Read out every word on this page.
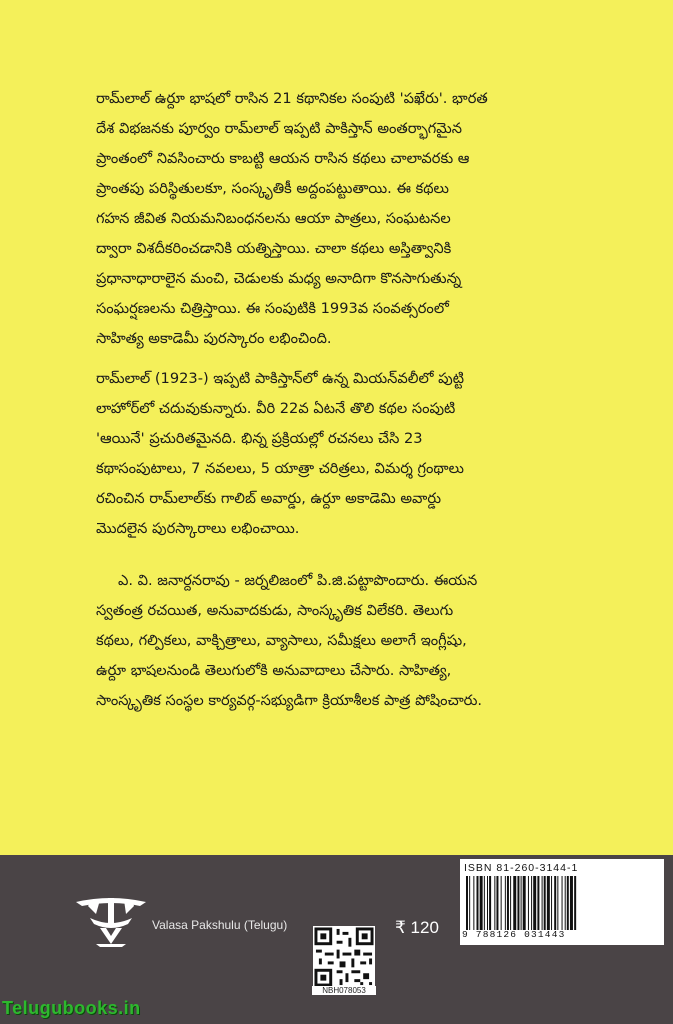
రామ్‌లాల్ ఉర్దూ భాషలో రాసిన 21 కథానికల సంపుటి 'పఖేరు'. భారత

దేశ విభజనకు పూర్వం రామ్‌లాల్ ఇప్పటి పాకిస్తాన్ అంతర్భాగమైన

ప్రాంతంలో నివసించారు కాబట్టి ఆయన రాసిన కథలు చాలావరకు ఆ

ప్రాంతపు పరిస్థితులకూ, సంస్కృతికీ అద్దంపట్టుతాయి. ఈ కథలు

గహన జీవిత నియమనిబంధనలను ఆయా పాత్రలు, సంఘటనల

ద్వారా విశదీకరించడానికి యత్నిస్తాయి. చాలా కథలు అస్తిత్వానికి

ప్రధానాధారాలైన మంచి, చెడులకు మధ్య అనాదిగా కొనసాగుతున్న

సంఘర్షణలను చిత్రిస్తాయి. ఈ సంపుటికి 1993వ సంవత్సరంలో

సాహిత్య అకాడెమీ పురస్కారం లభించింది.

రామ్‌లాల్ (1923-) ఇప్పటి పాకిస్తాన్‌లో ఉన్న మియన్‌వలీలో పుట్టి

లాహోర్‌లో చదువుకున్నారు. వీరి 22వ ఏటనే తొలి కథల సంపుటి

'ఆయినే' ప్రచురితమైనది. భిన్న ప్రక్రియల్లో రచనలు చేసి 23

కథాసంపుటాలు, 7 నవలలు, 5 యాత్రా చరిత్రలు, విమర్శ గ్రంథాలు

రచించిన రామ్‌లాల్‌కు గాలిబ్ అవార్డు, ఉర్దూ అకాడెమి అవార్డు

మొదలైన పురస్కారాలు లభించాయి.

ఎ. వి. జనార్దనరావు - జర్నలిజంలో పి.జి.పట్టాపొందారు. ఈయన

స్వతంత్ర రచయిత, అనువాదకుడు, సాంస్కృతిక విలేకరి. తెలుగు

కథలు, గల్పికలు, వాక్చిత్రాలు, వ్యాసాలు, సమీక్షలు అలాగే ఇంగ్లీషు,

ఉర్దూ భాషలనుండి తెలుగులోకి అనువాదాలు చేసారు. సాహిత్య,

సాంస్కృతిక సంస్థల కార్యవర్గ-సభ్యుడిగా క్రియాశీలక పాత్ర పోషించారు.

Valasa Pakshulu (Telugu)
NBH078053
₹ 120
ISBN 81-260-3144-1
9 788126 031443
Telugubooks.in
